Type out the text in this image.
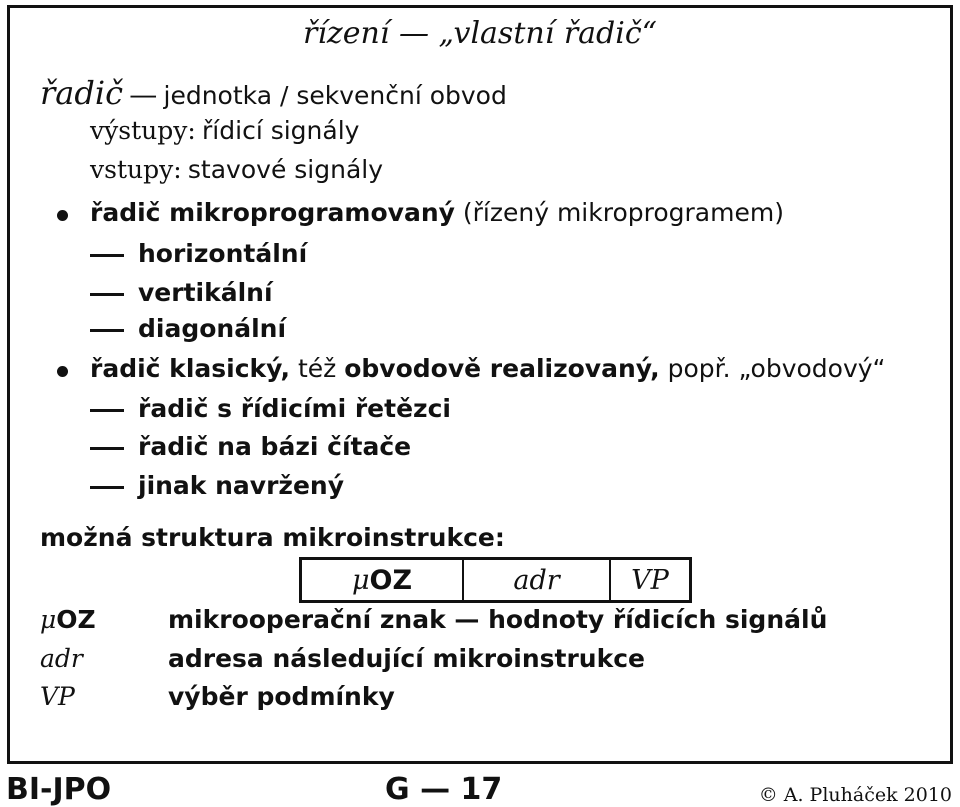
řízení — „vlastní řadič“
řadič — jednotka / sekvenční obvod
výstupy: řídicí signály
vstupy: stavové signály
řadič mikroprogramovaný (řízený mikroprogramem)
horizontální
vertikální
diagonální
řadič klasický, též obvodově realizovaný, popř. „obvodový“
řadič s řídicími řetězci
řadič na bázi čítače
jinak navržený
možná struktura mikroinstrukce:
μOZ	adr	VP
μOZ	mikrooperační znak — hodnoty řídicích signálů
adr	adresa následující mikroinstrukce
VP	výběr podmínky
BI-JPO	G — 17	© A. Pluháček 2010
